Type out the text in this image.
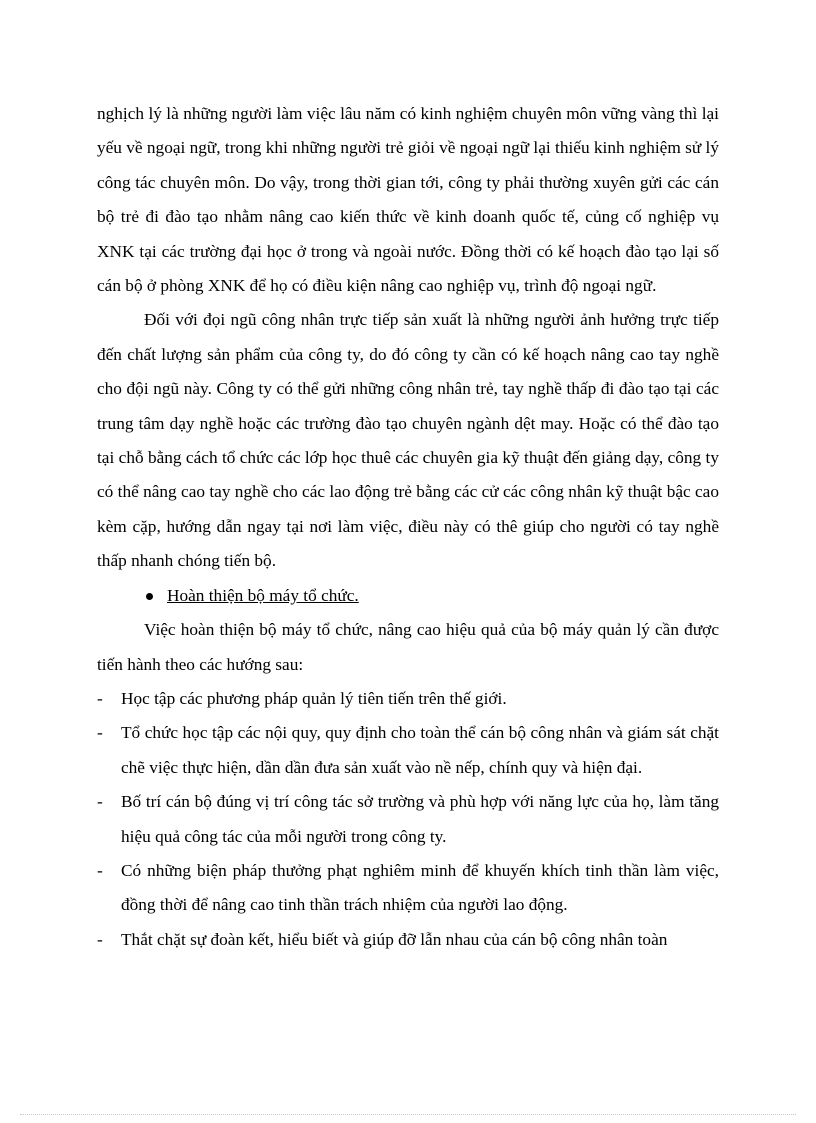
nghịch lý là những người làm việc lâu năm có kinh nghiệm chuyên môn vững vàng thì lại yếu về ngoại ngữ, trong khi những người trẻ giỏi về ngoại ngữ lại thiếu kinh nghiệm sử lý công tác chuyên môn. Do vậy, trong thời gian tới, công ty phải thường xuyên gửi các cán bộ trẻ đi đào tạo nhằm nâng cao kiến thức về kinh doanh quốc tế, củng cố nghiệp vụ XNK tại các trường đại học ở trong và ngoài nước. Đồng thời có kế hoạch đào tạo lại số cán bộ ở phòng XNK để họ có điều kiện nâng cao nghiệp vụ, trình độ ngoại ngữ.

Đối với đọi ngũ công nhân trực tiếp sản xuất là những người ảnh hưởng trực tiếp đến chất lượng sản phẩm của công ty, do đó công ty cần có kế hoạch nâng cao tay nghề cho đội ngũ này. Công ty có thể gửi những công nhân trẻ, tay nghề thấp đi đào tạo tại các trung tâm dạy nghề hoặc các trường đào tạo chuyên ngành dệt may. Hoặc có thể đào tạo tại chỗ bằng cách tổ chức các lớp học thuê các chuyên gia kỹ thuật đến giảng dạy, công ty có thể nâng cao tay nghề cho các lao động trẻ bằng các cử các công nhân kỹ thuật bậc cao kèm cặp, hướng dẫn ngay tại nơi làm việc, điều này có thê giúp cho người có tay nghề thấp nhanh chóng tiến bộ.

Hoàn thiện bộ máy tổ chức.

Việc hoàn thiện bộ máy tổ chức, nâng cao hiệu quả của bộ máy quản lý cần được tiến hành theo các hướng sau:

- Học tập các phương pháp quản lý tiên tiến trên thế giới.
- Tổ chức học tập các nội quy, quy định cho toàn thể cán bộ công nhân và giám sát chặt chẽ việc thực hiện, dần dần đưa sản xuất vào nề nếp, chính quy và hiện đại.
- Bố trí cán bộ đúng vị trí công tác sở trường và phù hợp với năng lực của họ, làm tăng hiệu quả công tác của mỗi người trong công ty.
- Có những biện pháp thưởng phạt nghiêm minh để khuyến khích tinh thần làm việc, đồng thời để nâng cao tinh thần trách nhiệm của người lao động.
- Thắt chặt sự đoàn kết, hiểu biết và giúp đỡ lẫn nhau của cán bộ công nhân toàn
